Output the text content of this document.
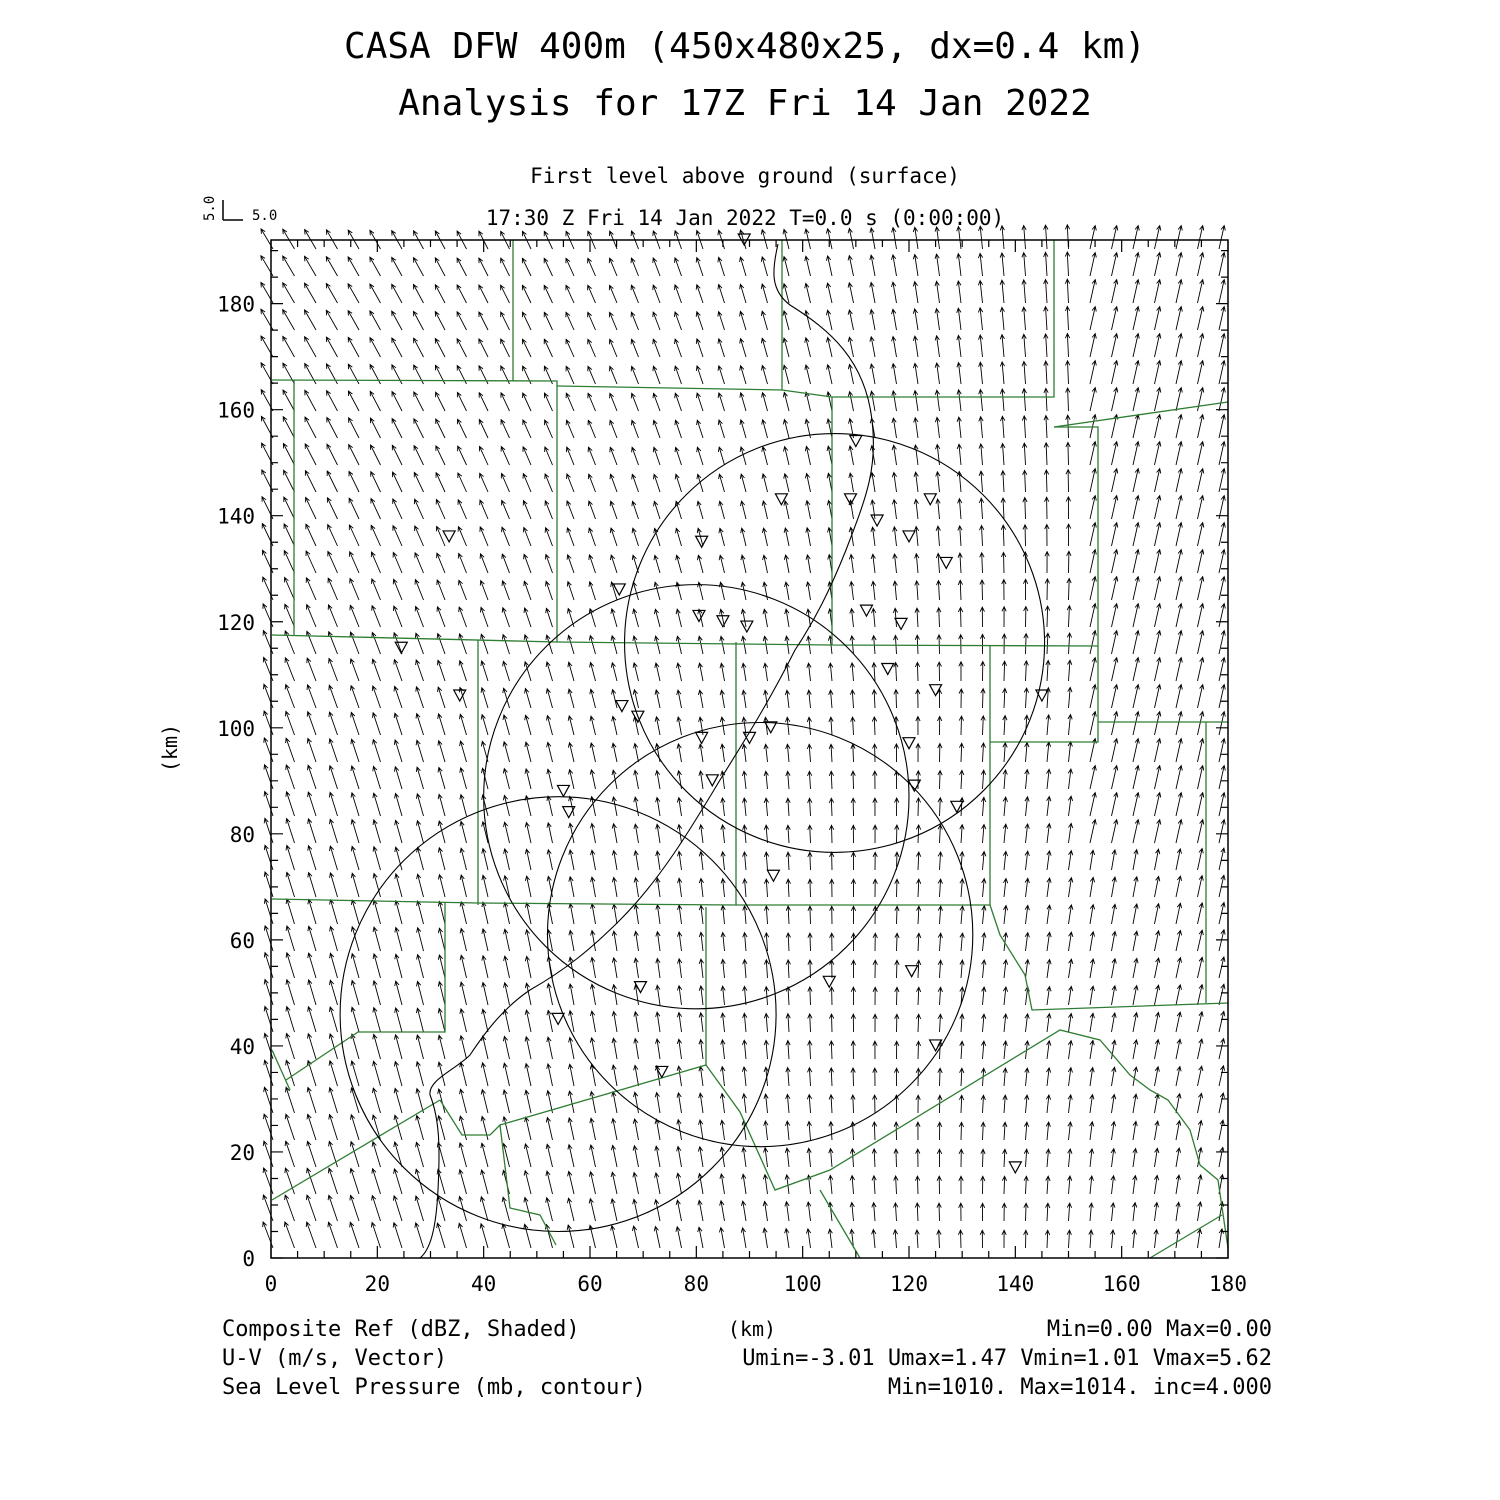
CASA DFW 400m (450x480x25, dx=0.4 km)
Analysis for 17Z Fri 14 Jan 2022
First level above ground (surface)
17:30 Z Fri 14 Jan 2022 T=0.0 s (0:00:00)
5.0 5.0
0	20	40	60	80	100	120	140	160	180
0
20
40
60
80
100
120
140
160
180
(km)
(km)
Composite Ref (dBZ, Shaded)
U-V (m/s, Vector)
Sea Level Pressure (mb, contour)
Min=0.00 Max=0.00
Umin=-3.01 Umax=1.47 Vmin=1.01 Vmax=5.62
Min=1010. Max=1014. inc=4.000
